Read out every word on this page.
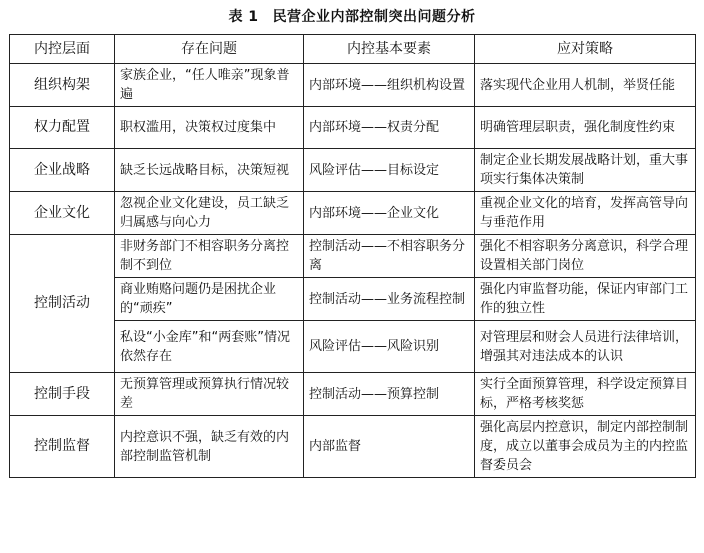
表 1 民营企业内部控制突出问题分析
内控层面	存在问题	内控基本要素	应对策略
组织构架	家族企业，“任人唯亲”现象普遍	内部环境——组织机构设置	落实现代企业用人机制，举贤任能
权力配置	职权滥用，决策权过度集中	内部环境——权责分配	明确管理层职责，强化制度性约束
企业战略	缺乏长远战略目标，决策短视	风险评估——目标设定	制定企业长期发展战略计划，重大事项实行集体决策制
企业文化	忽视企业文化建设，员工缺乏归属感与向心力	内部环境——企业文化	重视企业文化的培育，发挥高管导向与垂范作用
控制活动	非财务部门不相容职务分离控制不到位	控制活动——不相容职务分离	强化不相容职务分离意识，科学合理设置相关部门岗位
	商业贿赂问题仍是困扰企业的“顽疾”	控制活动——业务流程控制	强化内审监督功能，保证内审部门工作的独立性
	私设“小金库”和“两套账”情况依然存在	风险评估——风险识别	对管理层和财会人员进行法律培训，增强其对违法成本的认识
控制手段	无预算管理或预算执行情况较差	控制活动——预算控制	实行全面预算管理，科学设定预算目标，严格考核奖惩
控制监督	内控意识不强，缺乏有效的内部控制监管机制	内部监督	强化高层内控意识，制定内部控制制度，成立以董事会成员为主的内控监督委员会
